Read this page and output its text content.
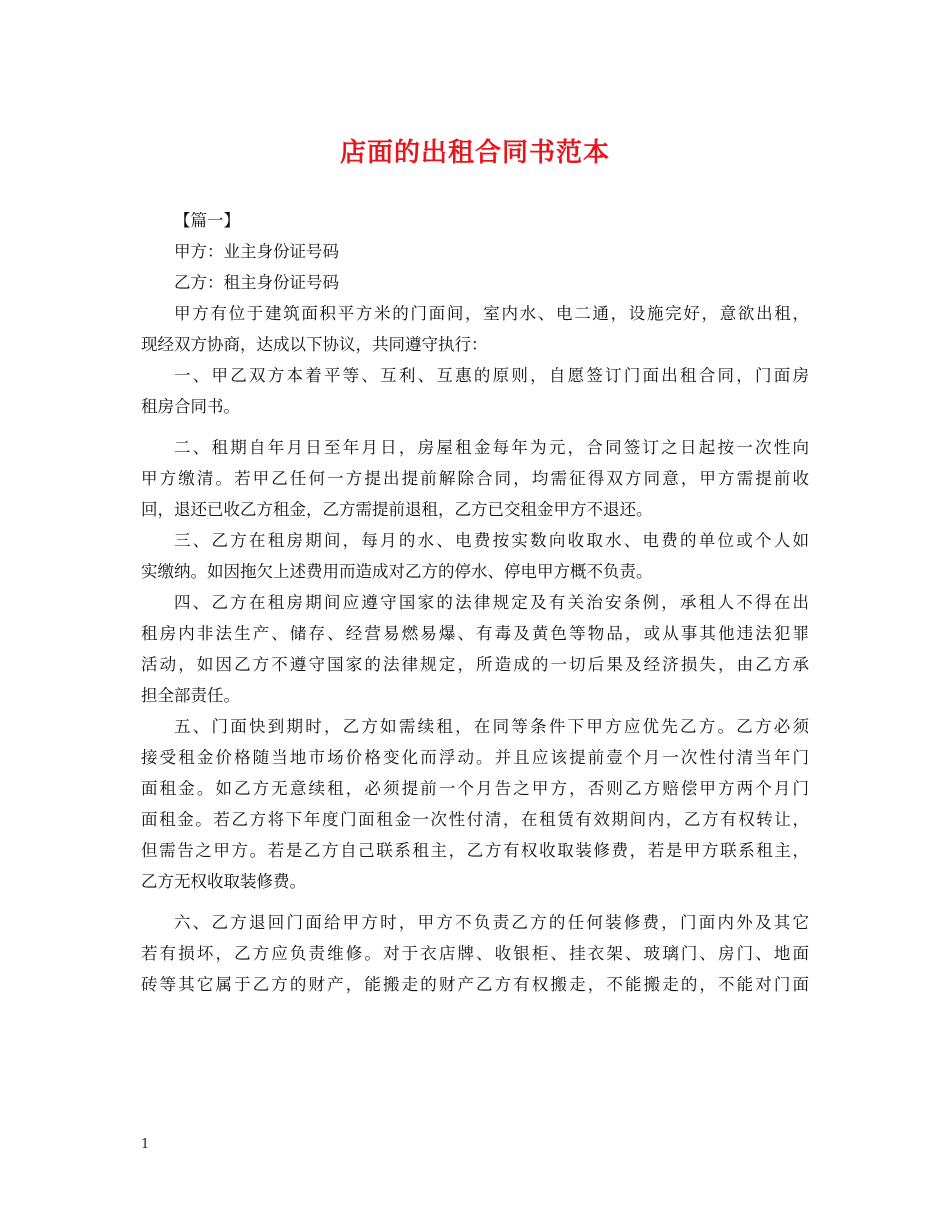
店面的出租合同书范本
【篇一】
甲方：业主身份证号码
乙方：租主身份证号码
甲方有位于建筑面积平方米的门面间，室内水、电二通，设施完好，意欲出租，
现经双方协商，达成以下协议，共同遵守执行：
一、甲乙双方本着平等、互利、互惠的原则，自愿签订门面出租合同，门面房
租房合同书。
二、租期自年月日至年月日，房屋租金每年为元，合同签订之日起按一次性向
甲方缴清。若甲乙任何一方提出提前解除合同，均需征得双方同意，甲方需提前收
回，退还已收乙方租金，乙方需提前退租，乙方已交租金甲方不退还。
三、乙方在租房期间，每月的水、电费按实数向收取水、电费的单位或个人如
实缴纳。如因拖欠上述费用而造成对乙方的停水、停电甲方概不负责。
四、乙方在租房期间应遵守国家的法律规定及有关治安条例，承租人不得在出
租房内非法生产、储存、经营易燃易爆、有毒及黄色等物品，或从事其他违法犯罪
活动，如因乙方不遵守国家的法律规定，所造成的一切后果及经济损失，由乙方承
担全部责任。
五、门面快到期时，乙方如需续租，在同等条件下甲方应优先乙方。乙方必须
接受租金价格随当地市场价格变化而浮动。并且应该提前壹个月一次性付清当年门
面租金。如乙方无意续租，必须提前一个月告之甲方，否则乙方赔偿甲方两个月门
面租金。若乙方将下年度门面租金一次性付清，在租赁有效期间内，乙方有权转让，
但需告之甲方。若是乙方自己联系租主，乙方有权收取装修费，若是甲方联系租主，
乙方无权收取装修费。
六、乙方退回门面给甲方时，甲方不负责乙方的任何装修费，门面内外及其它
若有损坏，乙方应负责维修。对于衣店牌、收银柜、挂衣架、玻璃门、房门、地面
砖等其它属于乙方的财产，能搬走的财产乙方有权搬走，不能搬走的，不能对门面
1
